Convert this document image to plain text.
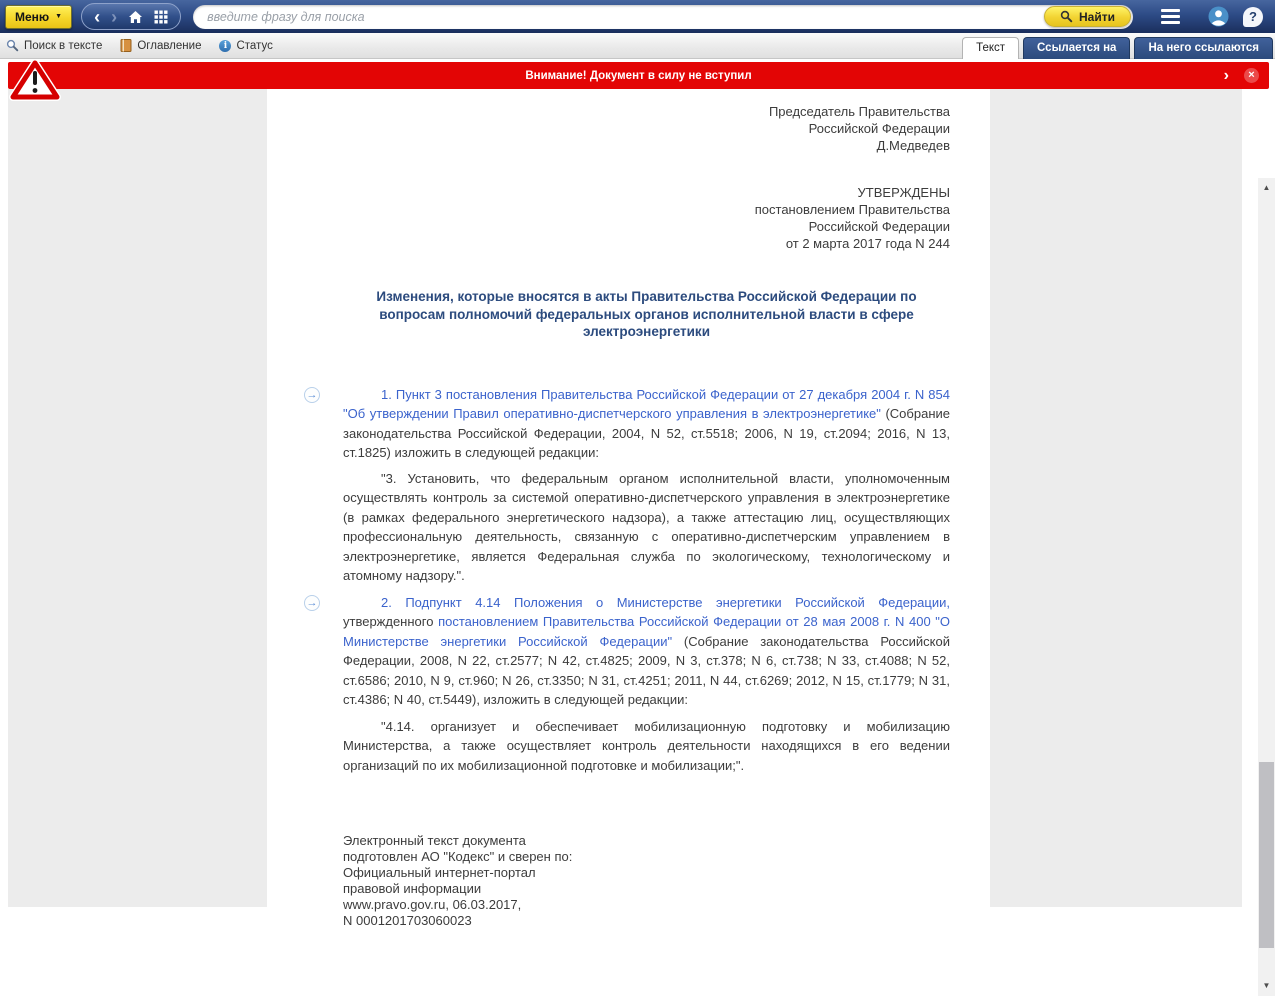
Меню ▼ ‹ ›
введите фразу для поиска	Найти	?
Поиск в тексте	Оглавление	i Статус	Текст	Ссылается на	На него ссылаются
Внимание! Документ в силу не вступил	›	×
Председатель Правительства
Российской Федерации
Д.Медведев
УТВЕРЖДЕНЫ
постановлением Правительства
Российской Федерации
от 2 марта 2017 года N 244
Изменения, которые вносятся в акты Правительства Российской Федерации по вопросам полномочий федеральных органов исполнительной власти в сфере электроэнергетики
→	1. Пункт 3 постановления Правительства Российской Федерации от 27 декабря 2004 г. N 854 "Об утверждении Правил оперативно-диспетчерского управления в электроэнергетике" (Собрание законодательства Российской Федерации, 2004, N 52, ст.5518; 2006, N 19, ст.2094; 2016, N 13, ст.1825) изложить в следующей редакции:
"3. Установить, что федеральным органом исполнительной власти, уполномоченным осуществлять контроль за системой оперативно-диспетчерского управления в электроэнергетике (в рамках федерального энергетического надзора), а также аттестацию лиц, осуществляющих профессиональную деятельность, связанную с оперативно-диспетчерским управлением в электроэнергетике, является Федеральная служба по экологическому, технологическому и атомному надзору.".
→	2. Подпункт 4.14 Положения о Министерстве энергетики Российской Федерации, утвержденного постановлением Правительства Российской Федерации от 28 мая 2008 г. N 400 "О Министерстве энергетики Российской Федерации" (Собрание законодательства Российской Федерации, 2008, N 22, ст.2577; N 42, ст.4825; 2009, N 3, ст.378; N 6, ст.738; N 33, ст.4088; N 52, ст.6586; 2010, N 9, ст.960; N 26, ст.3350; N 31, ст.4251; 2011, N 44, ст.6269; 2012, N 15, ст.1779; N 31, ст.4386; N 40, ст.5449), изложить в следующей редакции:
"4.14. организует и обеспечивает мобилизационную подготовку и мобилизацию Министерства, а также осуществляет контроль деятельности находящихся в его ведении организаций по их мобилизационной подготовке и мобилизации;".
Электронный текст документа
подготовлен АО "Кодекс" и сверен по:
Официальный интернет-портал
правовой информации
www.pravo.gov.ru, 06.03.2017,
N 0001201703060023
▲
▼
